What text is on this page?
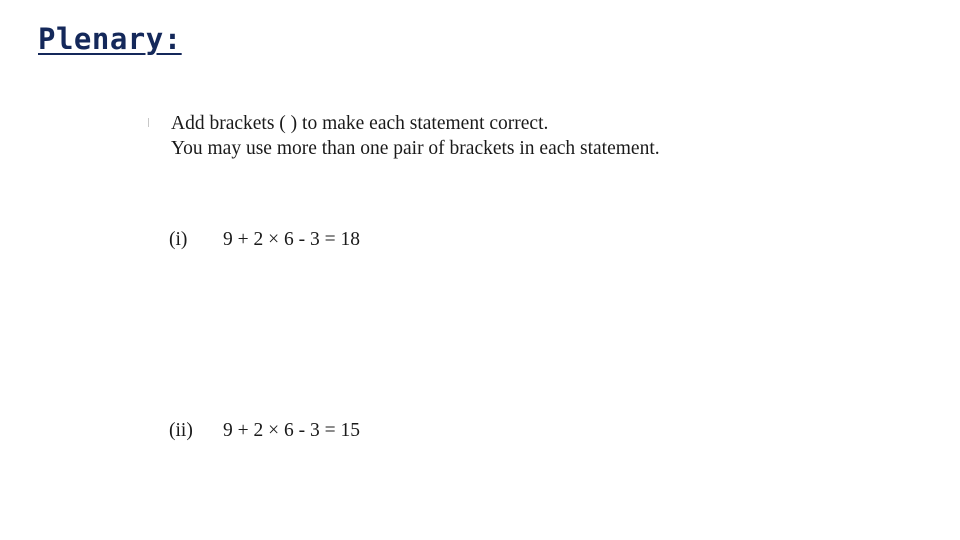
Plenary:
Add brackets ( ) to make each statement correct.
You may use more than one pair of brackets in each statement.
(i) 9 + 2 × 6 - 3 = 18
(ii) 9 + 2 × 6 - 3 = 15
